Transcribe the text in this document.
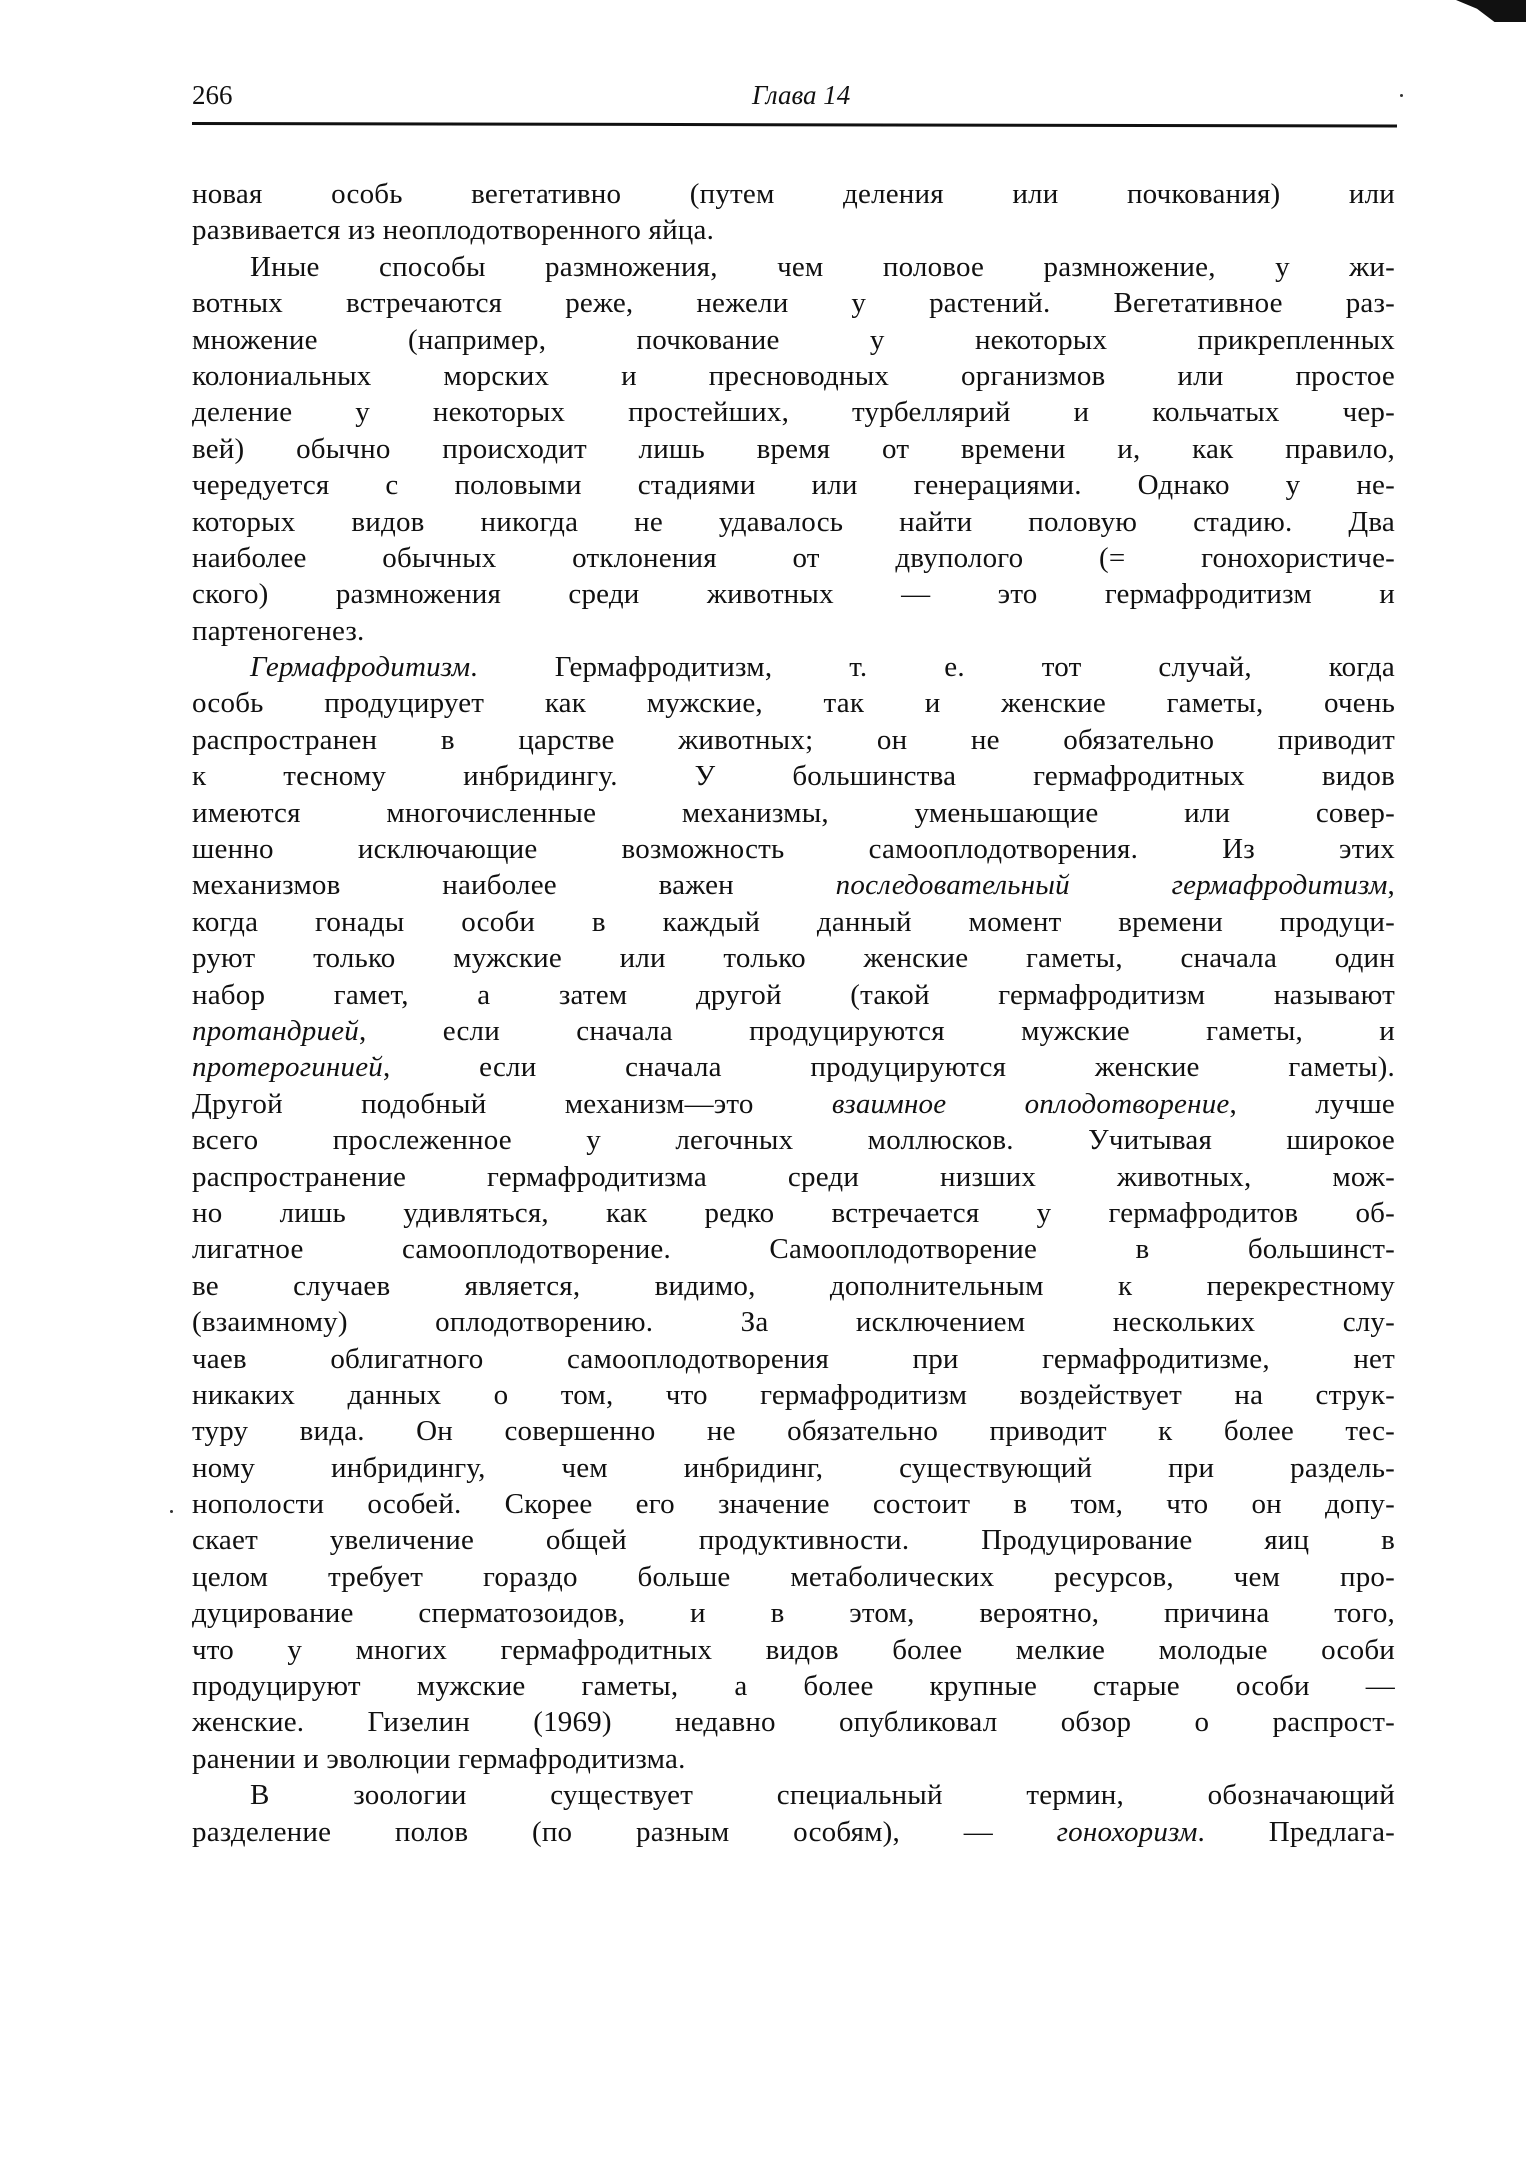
266	Глава 14
новая особь вегетативно (путем деления или почкования) или
развивается из неоплодотворенного яйца.
Иные способы размножения, чем половое размножение, у жи-
вотных встречаются реже, нежели у растений. Вегетативное раз-
множение (например, почкование у некоторых прикрепленных
колониальных морских и пресноводных организмов или простое
деление у некоторых простейших, турбеллярий и кольчатых чер-
вей) обычно происходит лишь время от времени и, как правило,
чередуется с половыми стадиями или генерациями. Однако у не-
которых видов никогда не удавалось найти половую стадию. Два
наиболее обычных отклонения от двуполого (= гонохористиче-
ского) размножения среди животных — это гермафродитизм и
партеногенез.
Гермафродитизм. Гермафродитизм, т. е. тот случай, когда
особь продуцирует как мужские, так и женские гаметы, очень
распространен в царстве животных; он не обязательно приводит
к тесному инбридингу. У большинства гермафродитных видов
имеются многочисленные механизмы, уменьшающие или совер-
шенно исключающие возможность самооплодотворения. Из этих
механизмов наиболее важен последовательный гермафродитизм,
когда гонады особи в каждый данный момент времени продуци-
руют только мужские или только женские гаметы, сначала один
набор гамет, а затем другой (такой гермафродитизм называют
протандрией, если сначала продуцируются мужские гаметы, и
протерогинией, если сначала продуцируются женские гаметы).
Другой подобный механизм—это взаимное оплодотворение, лучше
всего прослеженное у легочных моллюсков. Учитывая широкое
распространение гермафродитизма среди низших животных, мож-
но лишь удивляться, как редко встречается у гермафродитов об-
лигатное самооплодотворение. Самооплодотворение в большинст-
ве случаев является, видимо, дополнительным к перекрестному
(взаимному) оплодотворению. За исключением нескольких слу-
чаев облигатного самооплодотворения при гермафродитизме, нет
никаких данных о том, что гермафродитизм воздействует на струк-
туру вида. Он совершенно не обязательно приводит к более тес-
ному инбридингу, чем инбридинг, существующий при раздель-
нополости особей. Скорее его значение состоит в том, что он допу-
скает увеличение общей продуктивности. Продуцирование яиц в
целом требует гораздо больше метаболических ресурсов, чем про-
дуцирование сперматозоидов, и в этом, вероятно, причина того,
что у многих гермафродитных видов более мелкие молодые особи
продуцируют мужские гаметы, а более крупные старые особи —
женские. Гизелин (1969) недавно опубликовал обзор о распрост-
ранении и эволюции гермафродитизма.
В зоологии существует специальный термин, обозначающий
разделение полов (по разным особям), — гонохоризм. Предлага-
